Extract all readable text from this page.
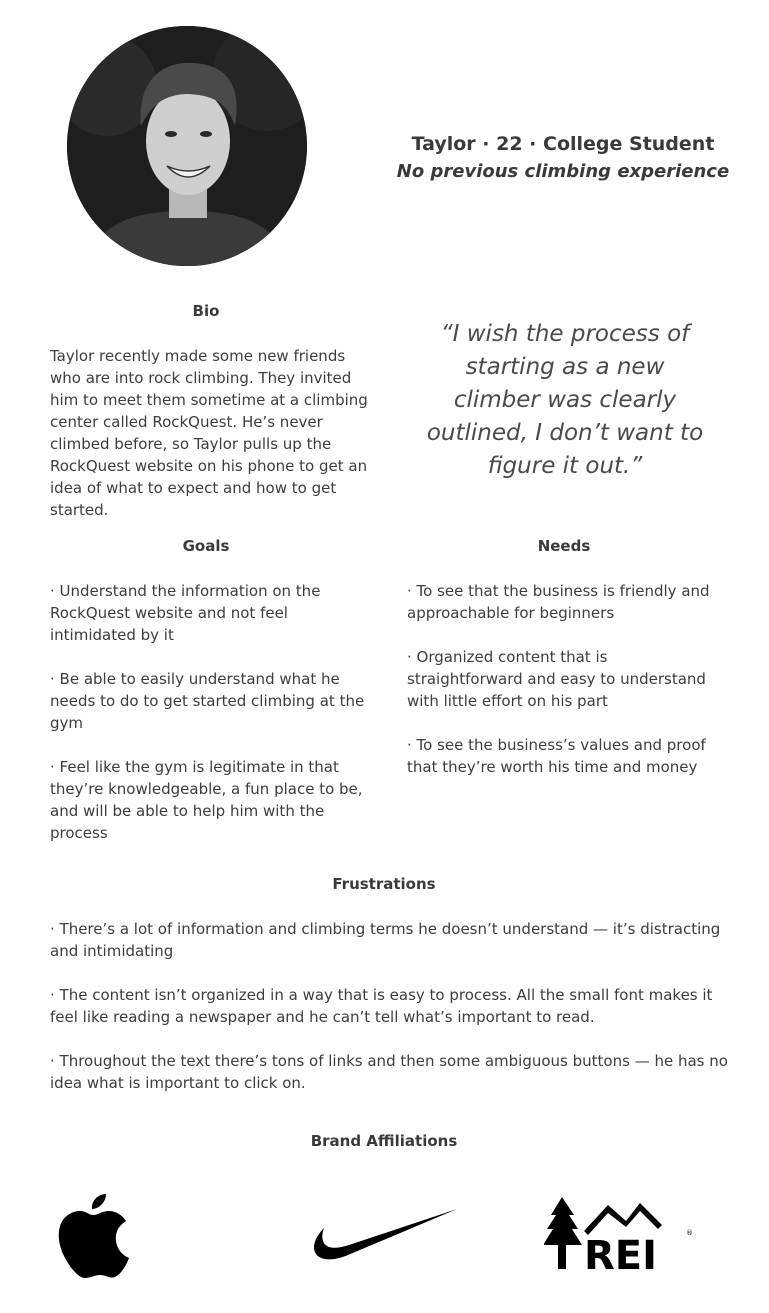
Taylor · 22 · College Student
No previous climbing experience
Bio

Taylor recently made some new friends who are into rock climbing. They invited him to meet them sometime at a climbing center called RockQuest. He’s never climbed before, so Taylor pulls up the RockQuest website on his phone to get an idea of what to expect and how to get started.

“I wish the process of starting as a new climber was clearly outlined, I don’t want to figure it out.”
Goals

· Understand the information on the RockQuest website and not feel intimidated by it

· Be able to easily understand what he needs to do to get started climbing at the gym

· Feel like the gym is legitimate in that they’re knowledgeable, a fun place to be, and will be able to help him with the process

Needs

· To see that the business is friendly and approachable for beginners

· Organized content that is straightforward and easy to understand with little effort on his part

· To see the business’s values and proof that they’re worth his time and money

Frustrations

· There’s a lot of information and climbing terms he doesn’t understand — it’s distracting and intimidating

· The content isn’t organized in a way that is easy to process. All the small font makes it feel like reading a newspaper and he can’t tell what’s important to read.

· Throughout the text there’s tons of links and then some ambiguous buttons — he has no idea what is important to click on.

Brand Affiliations
REI	®
